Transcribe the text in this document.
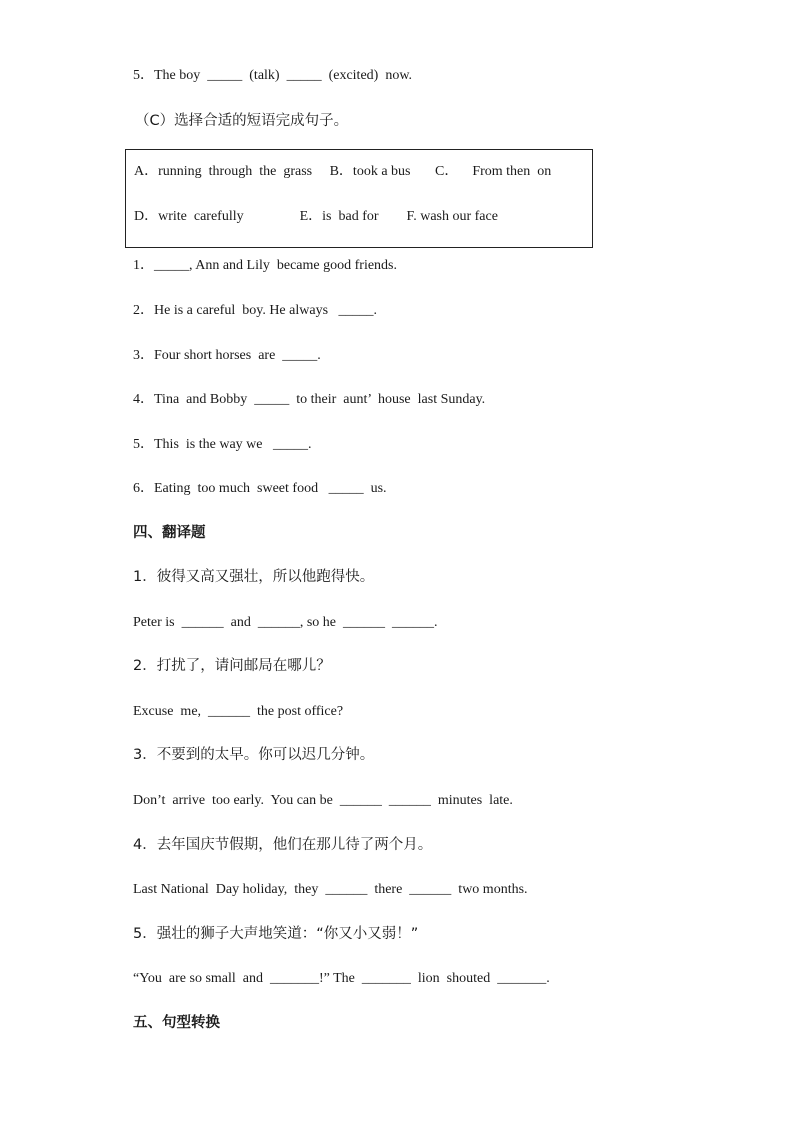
5．The boy  _____  (talk)  _____  (excited)  now.
（C）选择合适的短语完成句子。
A．running  through  the  grass     B．took a bus       C．    From then  on
D．write  carefully                E．is  bad for        F. wash our face
1．_____, Ann and Lily  became good friends.
2．He is a careful  boy. He always   _____.
3．Four short horses  are  _____.
4．Tina  and Bobby  _____  to their  aunt’  house  last Sunday.
5．This  is the way we   _____.
6．Eating  too much  sweet food   _____  us.
四、翻译题
1．彼得又高又强壮，所以他跑得快。
Peter is  ______  and  ______, so he  ______  ______.
2．打扰了，请问邮局在哪儿？
Excuse  me,  ______  the post office?
3．不要到的太早。你可以迟几分钟。
Don’t  arrive  too early.  You can be  ______  ______  minutes  late.
4．去年国庆节假期，他们在那儿待了两个月。
Last National  Day holiday,  they  ______  there  ______  two months.
5．强壮的狮子大声地笑道：“你又小又弱！”
“You  are so small  and  _______!” The  _______  lion  shouted  _______.
五、句型转换
